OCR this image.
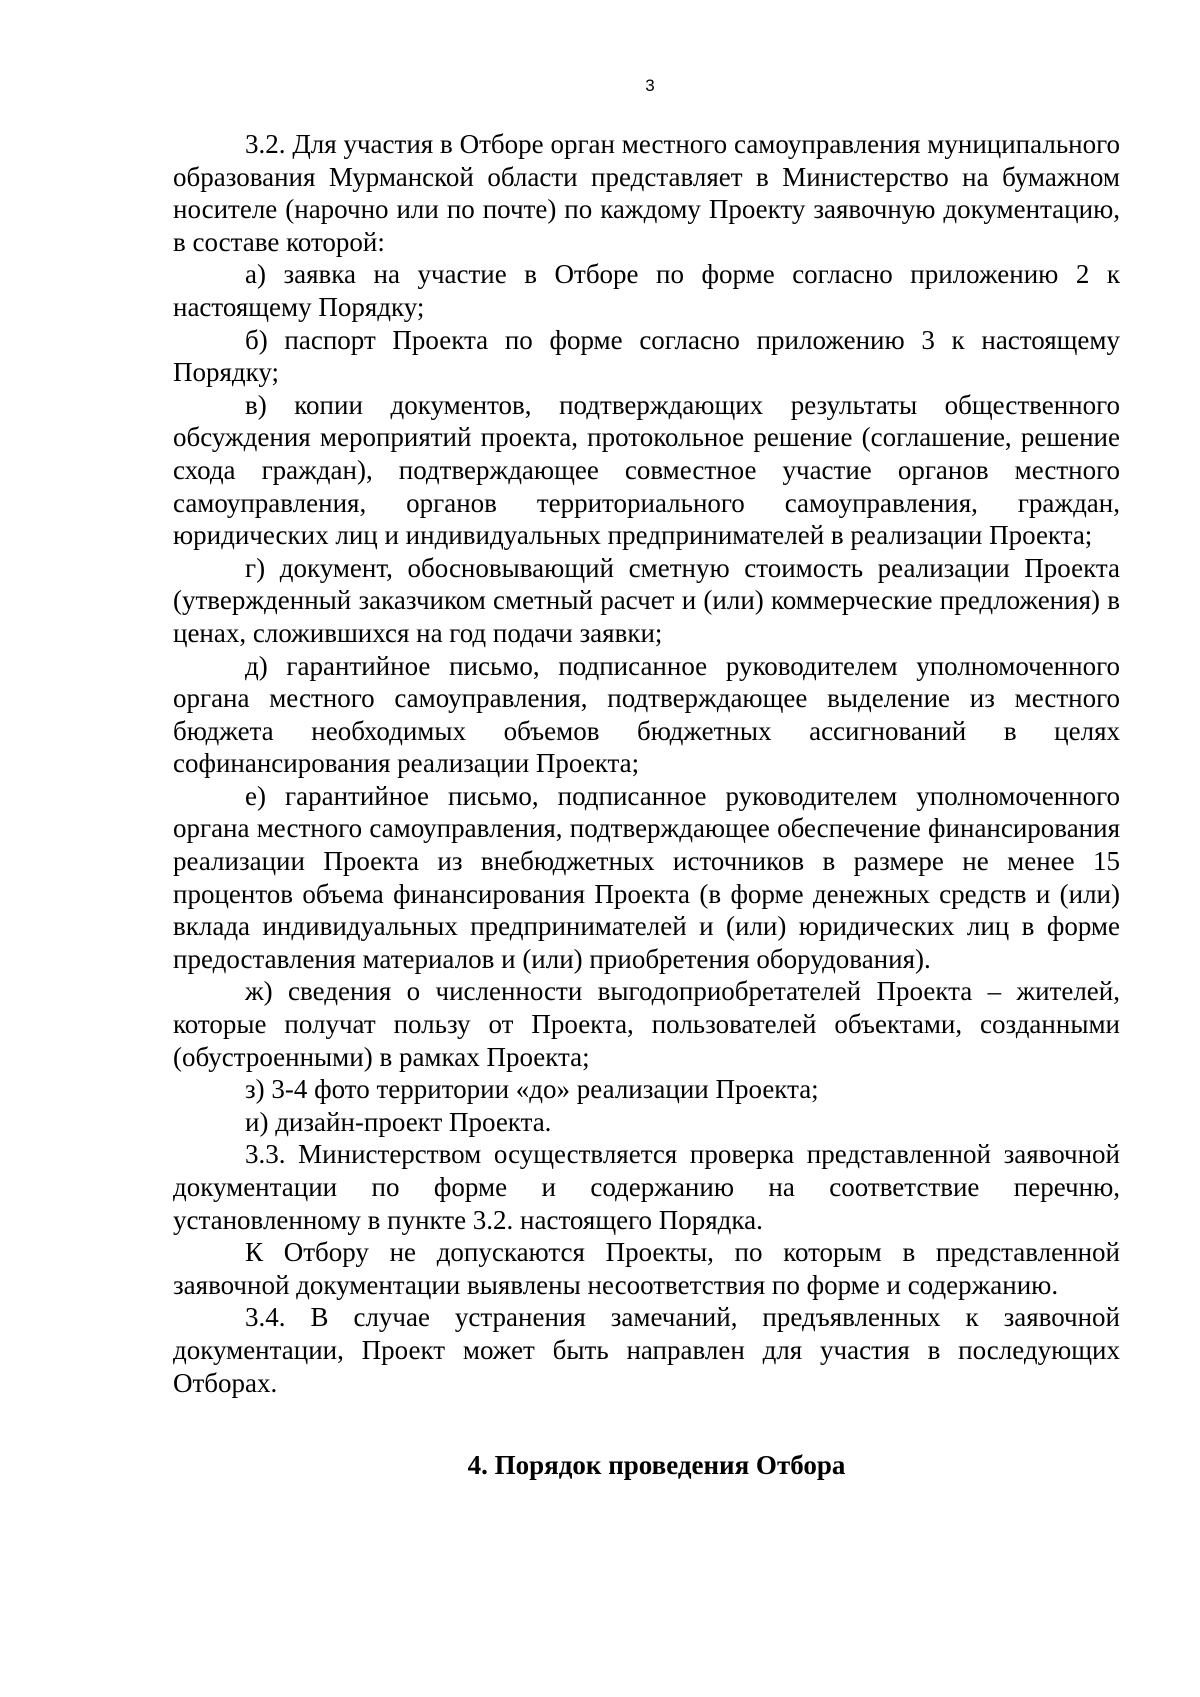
3

3.2. Для участия в Отборе орган местного самоуправления муниципального образования Мурманской области представляет в Министерство на бумажном носителе (нарочно или по почте) по каждому Проекту заявочную документацию, в составе которой:

а) заявка на участие в Отборе по форме согласно приложению 2 к настоящему Порядку;

б) паспорт Проекта по форме согласно приложению 3 к настоящему Порядку;

в) копии документов, подтверждающих результаты общественного обсуждения мероприятий проекта, протокольное решение (соглашение, решение схода граждан), подтверждающее совместное участие органов местного самоуправления, органов территориального самоуправления, граждан, юридических лиц и индивидуальных предпринимателей в реализации Проекта;

г) документ, обосновывающий сметную стоимость реализации Проекта (утвержденный заказчиком сметный расчет и (или) коммерческие предложения) в ценах, сложившихся на год подачи заявки;

д) гарантийное письмо, подписанное руководителем уполномоченного органа местного самоуправления, подтверждающее выделение из местного бюджета необходимых объемов бюджетных ассигнований в целях софинансирования реализации Проекта;

е) гарантийное письмо, подписанное руководителем уполномоченного органа местного самоуправления, подтверждающее обеспечение финансирования реализации Проекта из внебюджетных источников в размере не менее 15 процентов объема финансирования Проекта (в форме денежных средств и (или) вклада индивидуальных предпринимателей и (или) юридических лиц в форме предоставления материалов и (или) приобретения оборудования).

ж) сведения о численности выгодоприобретателей Проекта – жителей, которые получат пользу от Проекта, пользователей объектами, созданными (обустроенными) в рамках Проекта;

з) 3-4 фото территории «до» реализации Проекта;

и) дизайн-проект Проекта.

3.3. Министерством осуществляется проверка представленной заявочной документации по форме и содержанию на соответствие перечню, установленному в пункте 3.2. настоящего Порядка.

К Отбору не допускаются Проекты, по которым в представленной заявочной документации выявлены несоответствия по форме и содержанию.

3.4. В случае устранения замечаний, предъявленных к заявочной документации, Проект может быть направлен для участия в последующих Отборах.

4. Порядок проведения Отбора
